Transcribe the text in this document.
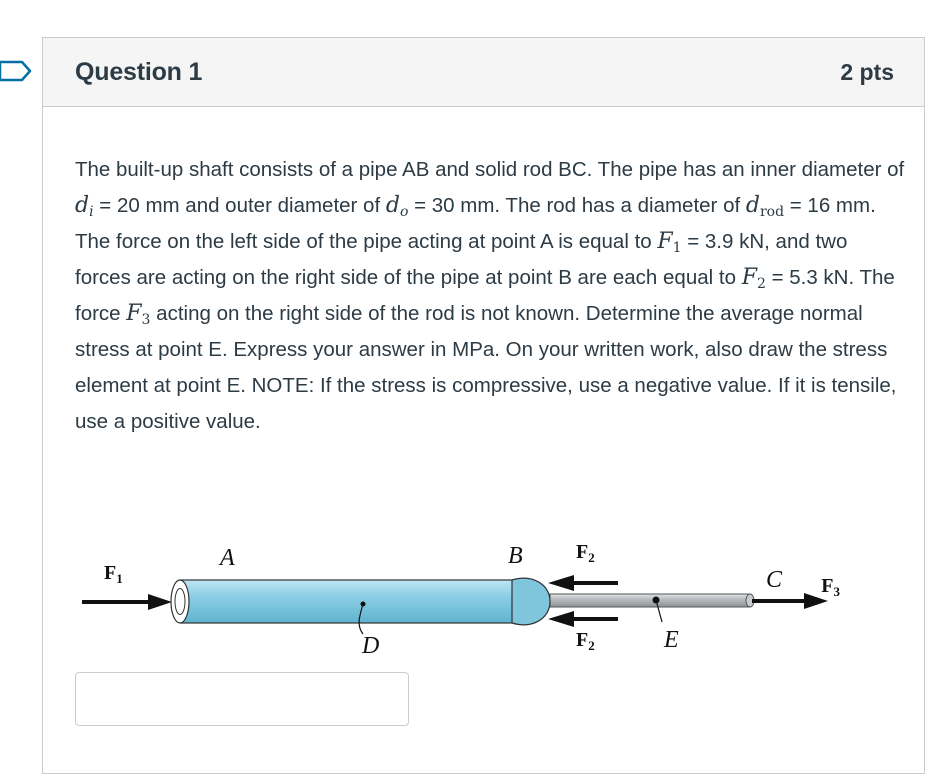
Question 1	2 pts
The built-up shaft consists of a pipe AB and solid rod BC. The pipe has an inner diameter of $d_i = 20$ mm and outer diameter of $d_o = 30$ mm. The rod has a diameter of $d_{rod} = 16$ mm. The force on the left side of the pipe acting at point A is equal to $F_1 = 3.9$ kN, and two forces are acting on the right side of the pipe at point B are each equal to $F_2 = 5.3$ kN. The force $F_3$ acting on the right side of the rod is not known. Determine the average normal stress at point E. Express your answer in MPa. On your written work, also draw the stress element at point E. NOTE: If the stress is compressive, use a negative value. If it is tensile, use a positive value.
$F_1$
$F_2$
$F_2$
$F_3$
A	B
C
D	E
